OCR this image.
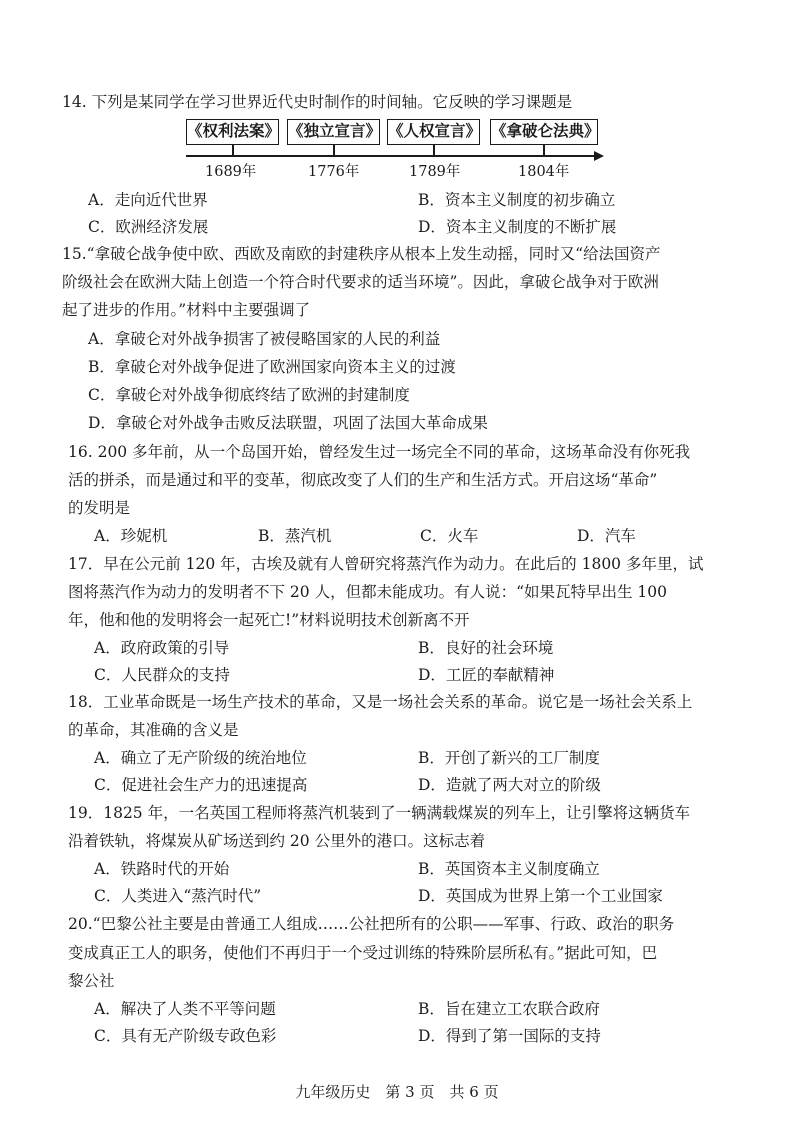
14. 下列是某同学在学习世界近代史时制作的时间轴。它反映的学习课题是
《权利法案》 《独立宣言》 《人权宣言》 《拿破仑法典》
1689年	1776年	1789年	1804年
A．走向近代世界	B．资本主义制度的初步确立
C．欧洲经济发展	D．资本主义制度的不断扩展
15.“拿破仑战争使中欧、西欧及南欧的封建秩序从根本上发生动摇，同时又“给法国资产
阶级社会在欧洲大陆上创造一个符合时代要求的适当环境”。因此，拿破仑战争对于欧洲
起了进步的作用。”材料中主要强调了
A．拿破仑对外战争损害了被侵略国家的人民的利益
B．拿破仑对外战争促进了欧洲国家向资本主义的过渡
C．拿破仑对外战争彻底终结了欧洲的封建制度
D．拿破仑对外战争击败反法联盟，巩固了法国大革命成果
16. 200 多年前，从一个岛国开始，曾经发生过一场完全不同的革命，这场革命没有你死我
活的拼杀，而是通过和平的变革，彻底改变了人们的生产和生活方式。开启这场“革命”
的发明是
A．珍妮机	B．蒸汽机	C．火车	D．汽车
17．早在公元前 120 年，古埃及就有人曾研究将蒸汽作为动力。在此后的 1800 多年里，试
图将蒸汽作为动力的发明者不下 20 人，但都未能成功。有人说：“如果瓦特早出生 100
年，他和他的发明将会一起死亡!”材料说明技术创新离不开
A．政府政策的引导	B．良好的社会环境
C．人民群众的支持	D．工匠的奉献精神
18．工业革命既是一场生产技术的革命，又是一场社会关系的革命。说它是一场社会关系上
的革命，其准确的含义是
A．确立了无产阶级的统治地位	B．开创了新兴的工厂制度
C．促进社会生产力的迅速提高	D．造就了两大对立的阶级
19．1825 年，一名英国工程师将蒸汽机装到了一辆满载煤炭的列车上，让引擎将这辆货车
沿着铁轨，将煤炭从矿场送到约 20 公里外的港口。这标志着
A．铁路时代的开始	B．英国资本主义制度确立
C．人类进入“蒸汽时代”	D．英国成为世界上第一个工业国家
20.“巴黎公社主要是由普通工人组成……公社把所有的公职——军事、行政、政治的职务
变成真正工人的职务，使他们不再归于一个受过训练的特殊阶层所私有。”据此可知，巴
黎公社
A．解决了人类不平等问题	B．旨在建立工农联合政府
C．具有无产阶级专政色彩	D．得到了第一国际的支持
九年级历史　第 3 页　共 6 页
